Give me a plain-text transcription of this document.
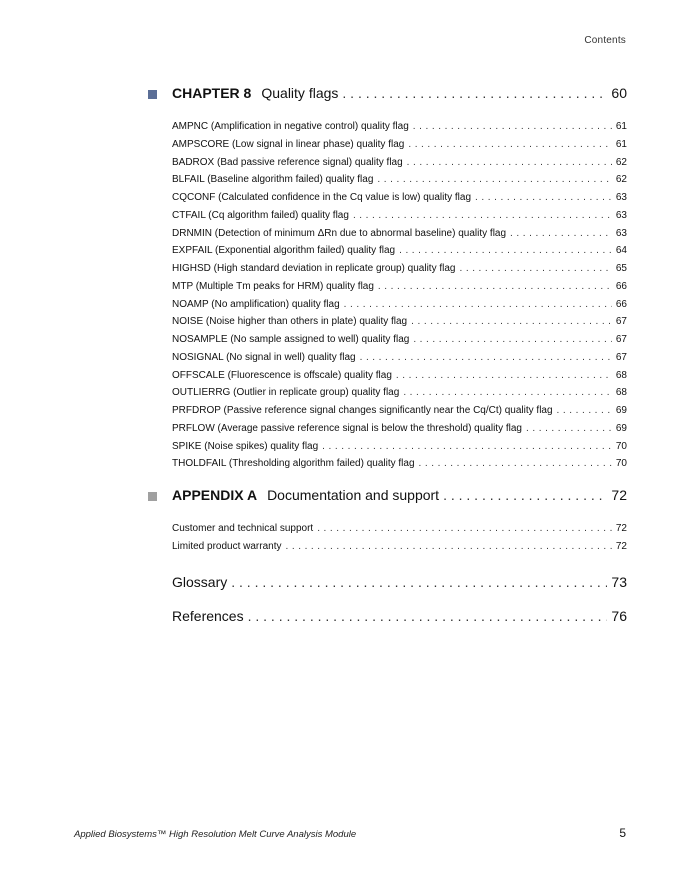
Contents
CHAPTER 8 Quality flags . . .	60
AMPNC (Amplification in negative control) quality flag . . .	61
AMPSCORE (Low signal in linear phase) quality flag . . .	61
BADROX (Bad passive reference signal) quality flag . . .	62
BLFAIL (Baseline algorithm failed) quality flag . . .	62
CQCONF (Calculated confidence in the Cq value is low) quality flag . . .	63
CTFAIL (Cq algorithm failed) quality flag . . .	63
DRNMIN (Detection of minimum ΔRn due to abnormal baseline) quality flag . . .	63
EXPFAIL (Exponential algorithm failed) quality flag . . .	64
HIGHSD (High standard deviation in replicate group) quality flag . . .	65
MTP (Multiple Tm peaks for HRM) quality flag . . .	66
NOAMP (No amplification) quality flag . . .	66
NOISE (Noise higher than others in plate) quality flag . . .	67
NOSAMPLE (No sample assigned to well) quality flag . . .	67
NOSIGNAL (No signal in well) quality flag . . .	67
OFFSCALE (Fluorescence is offscale) quality flag . . .	68
OUTLIERRG (Outlier in replicate group) quality flag . . .	68
PRFDROP (Passive reference signal changes significantly near the Cq/Ct) quality flag . . .	69
PRFLOW (Average passive reference signal is below the threshold) quality flag . . .	69
SPIKE (Noise spikes) quality flag . . .	70
THOLDFAIL (Thresholding algorithm failed) quality flag . . .	70
APPENDIX A Documentation and support . . .	72
Customer and technical support . . .	72
Limited product warranty . . .	72
Glossary . . .	73
References . . .	76
Applied Biosystems™ High Resolution Melt Curve Analysis Module	5
